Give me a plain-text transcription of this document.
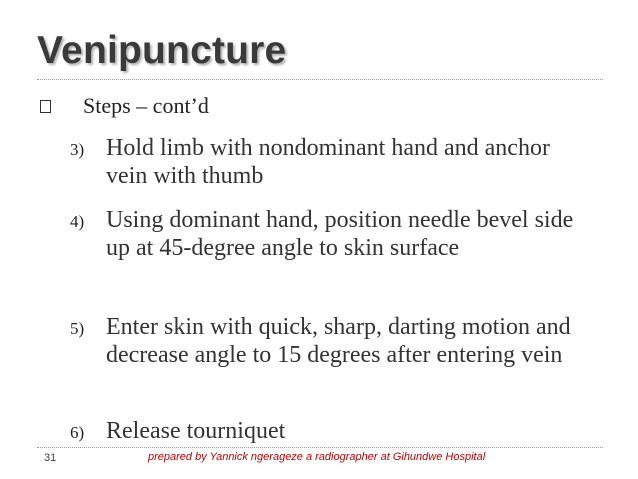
Venipuncture
Steps – cont’d
3) Hold limb with nondominant hand and anchor vein with thumb
4) Using dominant hand, position needle bevel side up at 45-degree angle to skin surface
5) Enter skin with quick, sharp, darting motion and decrease angle to 15 degrees after entering vein
6) Release tourniquet
31	prepared by Yannick ngerageze a radiographer at Gihundwe Hospital
